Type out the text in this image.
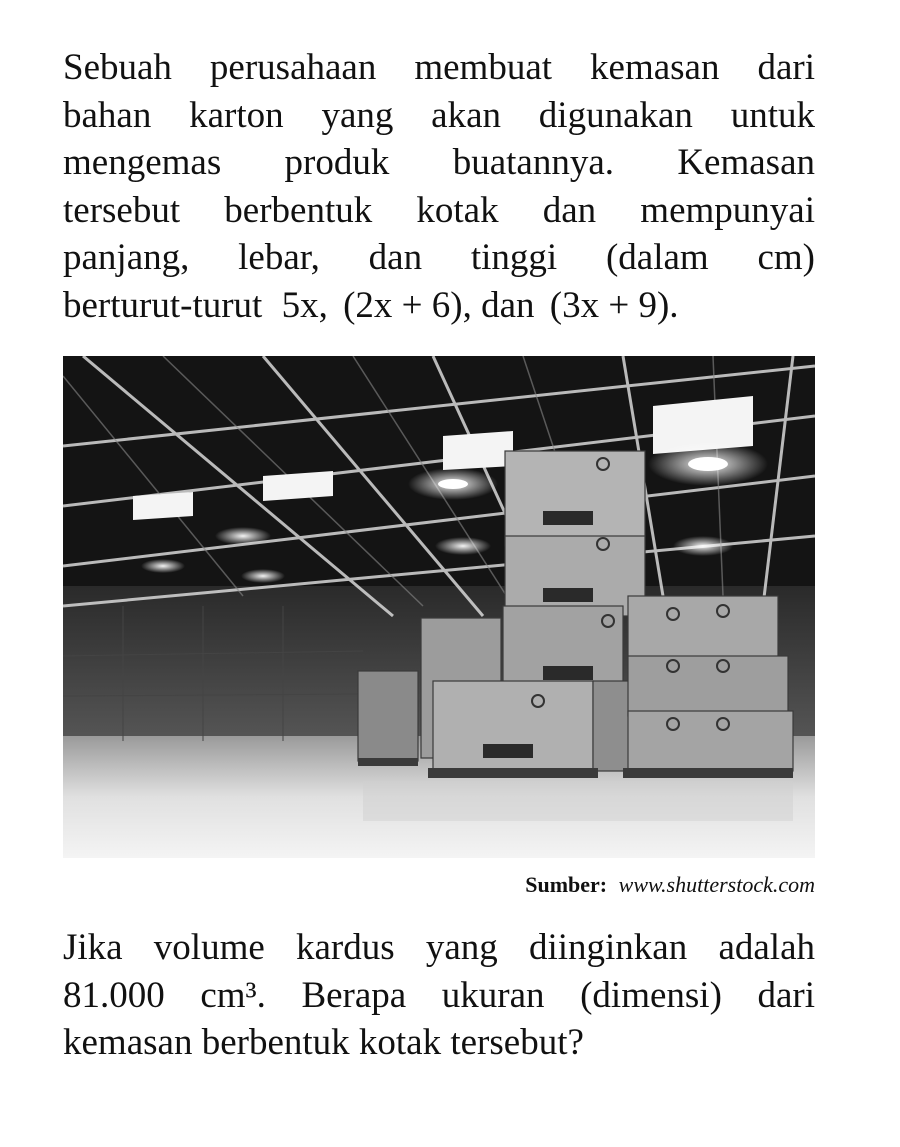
Sebuah perusahaan membuat kemasan dari
bahan karton yang akan digunakan untuk
mengemas produk buatannya. Kemasan
tersebut berbentuk kotak dan mempunyai
panjang, lebar, dan tinggi (dalam cm)
berturut-turut 5x, (2x + 6), dan (3x + 9).
Sumber: www.shutterstock.com
Jika volume kardus yang diinginkan adalah
81.000 cm³. Berapa ukuran (dimensi) dari
kemasan berbentuk kotak tersebut?
